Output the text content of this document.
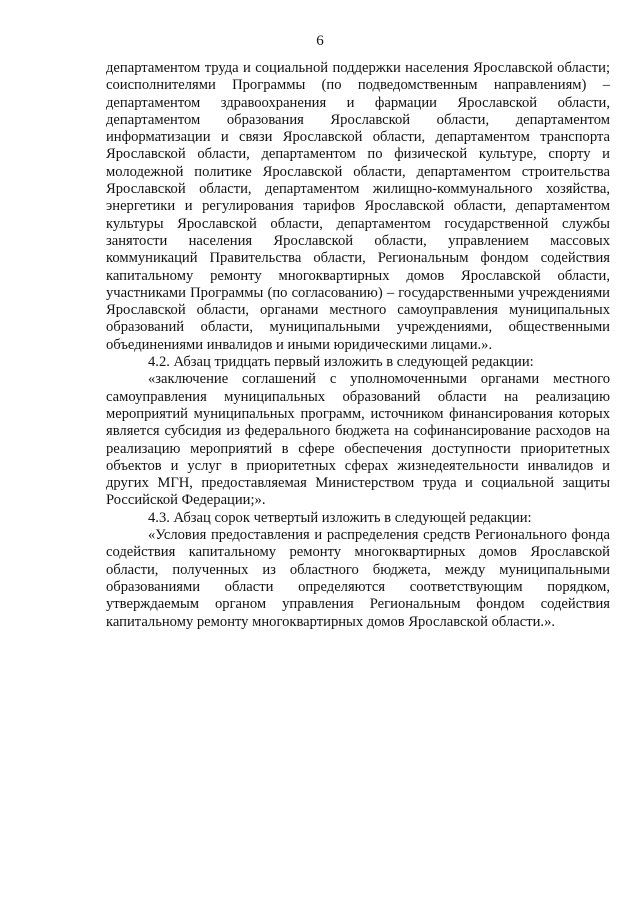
6

департаментом труда и социальной поддержки населения Ярославской области; соисполнителями Программы (по подведомственным направлениям) – департаментом здравоохранения и фармации Ярославской области, департаментом образования Ярославской области, департаментом информатизации и связи Ярославской области, департаментом транспорта Ярославской области, департаментом по физической культуре, спорту и молодежной политике Ярославской области, департаментом строительства Ярославской области, департаментом жилищно-коммунального хозяйства, энергетики и регулирования тарифов Ярославской области, департаментом культуры Ярославской области, департаментом государственной службы занятости населения Ярославской области, управлением массовых коммуникаций Правительства области, Региональным фондом содействия капитальному ремонту многоквартирных домов Ярославской области, участниками Программы (по согласованию) – государственными учреждениями Ярославской области, органами местного самоуправления муниципальных образований области, муниципальными учреждениями, общественными объединениями инвалидов и иными юридическими лицами.».

4.2. Абзац тридцать первый изложить в следующей редакции:

«заключение соглашений с уполномоченными органами местного самоуправления муниципальных образований области на реализацию мероприятий муниципальных программ, источником финансирования которых является субсидия из федерального бюджета на софинансирование расходов на реализацию мероприятий в сфере обеспечения доступности приоритетных объектов и услуг в приоритетных сферах жизнедеятельности инвалидов и других МГН, предоставляемая Министерством труда и социальной защиты Российской Федерации;».

4.3. Абзац сорок четвертый изложить в следующей редакции:

«Условия предоставления и распределения средств Регионального фонда содействия капитальному ремонту многоквартирных домов Ярославской области, полученных из областного бюджета, между муниципальными образованиями области определяются соответствующим порядком, утверждаемым органом управления Региональным фондом содействия капитальному ремонту многоквартирных домов Ярославской области.».
